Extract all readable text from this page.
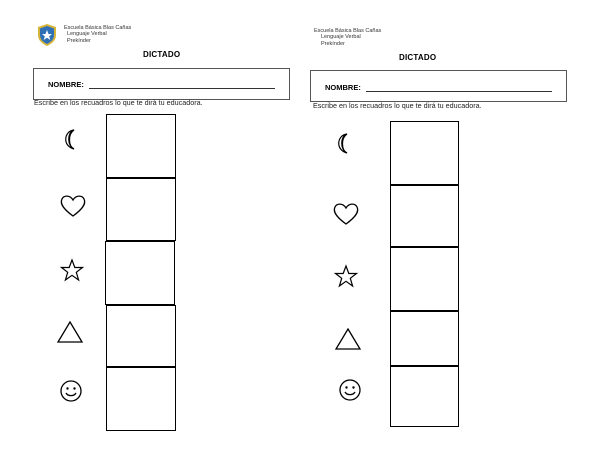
Escuela Básica Blas Cañas
Lenguaje Verbal
Prekínder
DICTADO
NOMBRE:
Escribe en los recuadros lo que te dirá tu educadora.
Escuela Básica Blas Cañas
Lenguaje Verbal
Prekínder
DICTADO
NOMBRE:
Escribe en los recuadros lo que te dirá tu educadora.
